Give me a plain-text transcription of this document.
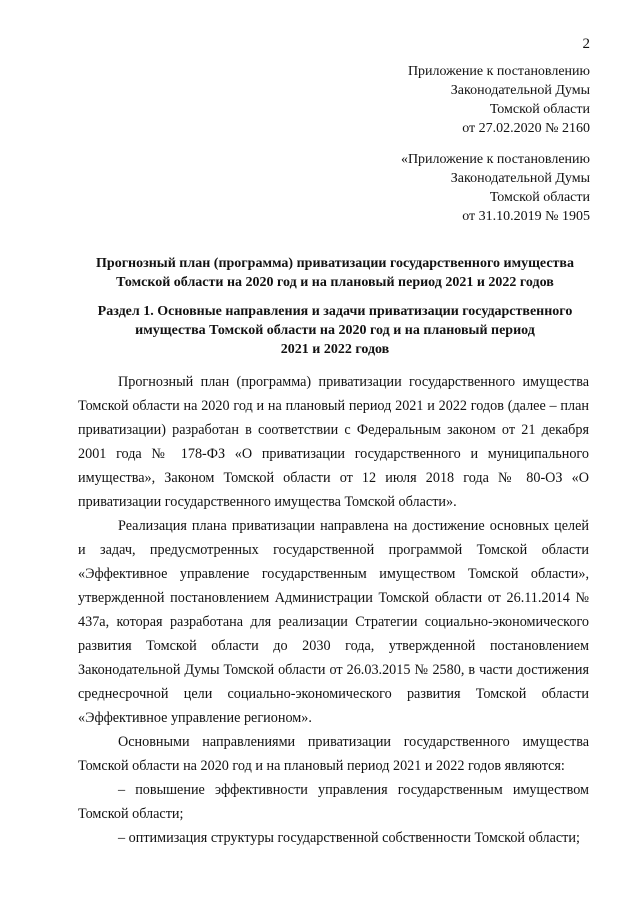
2
Приложение к постановлению
Законодательной Думы
Томской области
от 27.02.2020 № 2160
«Приложение к постановлению
Законодательной Думы
Томской области
от 31.10.2019 № 1905
Прогнозный план (программа) приватизации государственного имущества
Томской области на 2020 год и на плановый период 2021 и 2022 годов
Раздел 1. Основные направления и задачи приватизации государственного
имущества Томской области на 2020 год и на плановый период
2021 и 2022 годов

Прогнозный план (программа) приватизации государственного имущества Томской области на 2020 год и на плановый период 2021 и 2022 годов (далее – план приватизации) разработан в соответствии с Федеральным законом от 21 декабря 2001 года № 178-ФЗ «О приватизации государственного и муниципального имущества», Законом Томской области от 12 июля 2018 года № 80-ОЗ «О приватизации государственного имущества Томской области».

Реализация плана приватизации направлена на достижение основных целей и задач, предусмотренных государственной программой Томской области «Эффективное управление государственным имуществом Томской области», утвержденной постановлением Администрации Томской области от 26.11.2014 № 437а, которая разработана для реализации Стратегии социально-экономического развития Томской области до 2030 года, утвержденной постановлением Законодательной Думы Томской области от 26.03.2015 № 2580, в части достижения среднесрочной цели социально-экономического развития Томской области «Эффективное управление регионом».

Основными направлениями приватизации государственного имущества Томской области на 2020 год и на плановый период 2021 и 2022 годов являются:

– повышение эффективности управления государственным имуществом Томской области;

– оптимизация структуры государственной собственности Томской области;
